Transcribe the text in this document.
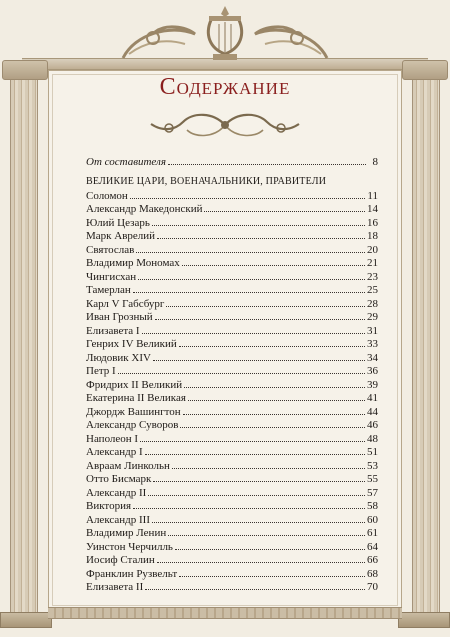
Содержание
От составителя	8
ВЕЛИКИЕ ЦАРИ, ВОЕНАЧАЛЬНИКИ, ПРАВИТЕЛИ
Соломон	11
Александр Македонский	14
Юлий Цезарь	16
Марк Аврелий	18
Святослав	20
Владимир Мономах	21
Чингисхан	23
Тамерлан	25
Карл V Габсбург	28
Иван Грозный	29
Елизавета I	31
Генрих IV Великий	33
Людовик XIV	34
Петр I	36
Фридрих II Великий	39
Екатерина II Великая	41
Джордж Вашингтон	44
Александр Суворов	46
Наполеон I	48
Александр I	51
Авраам Линкольн	53
Отто Бисмарк	55
Александр II	57
Виктория	58
Александр III	60
Владимир Ленин	61
Уинстон Черчилль	64
Иосиф Сталин	66
Франклин Рузвельт	68
Елизавета II	70
